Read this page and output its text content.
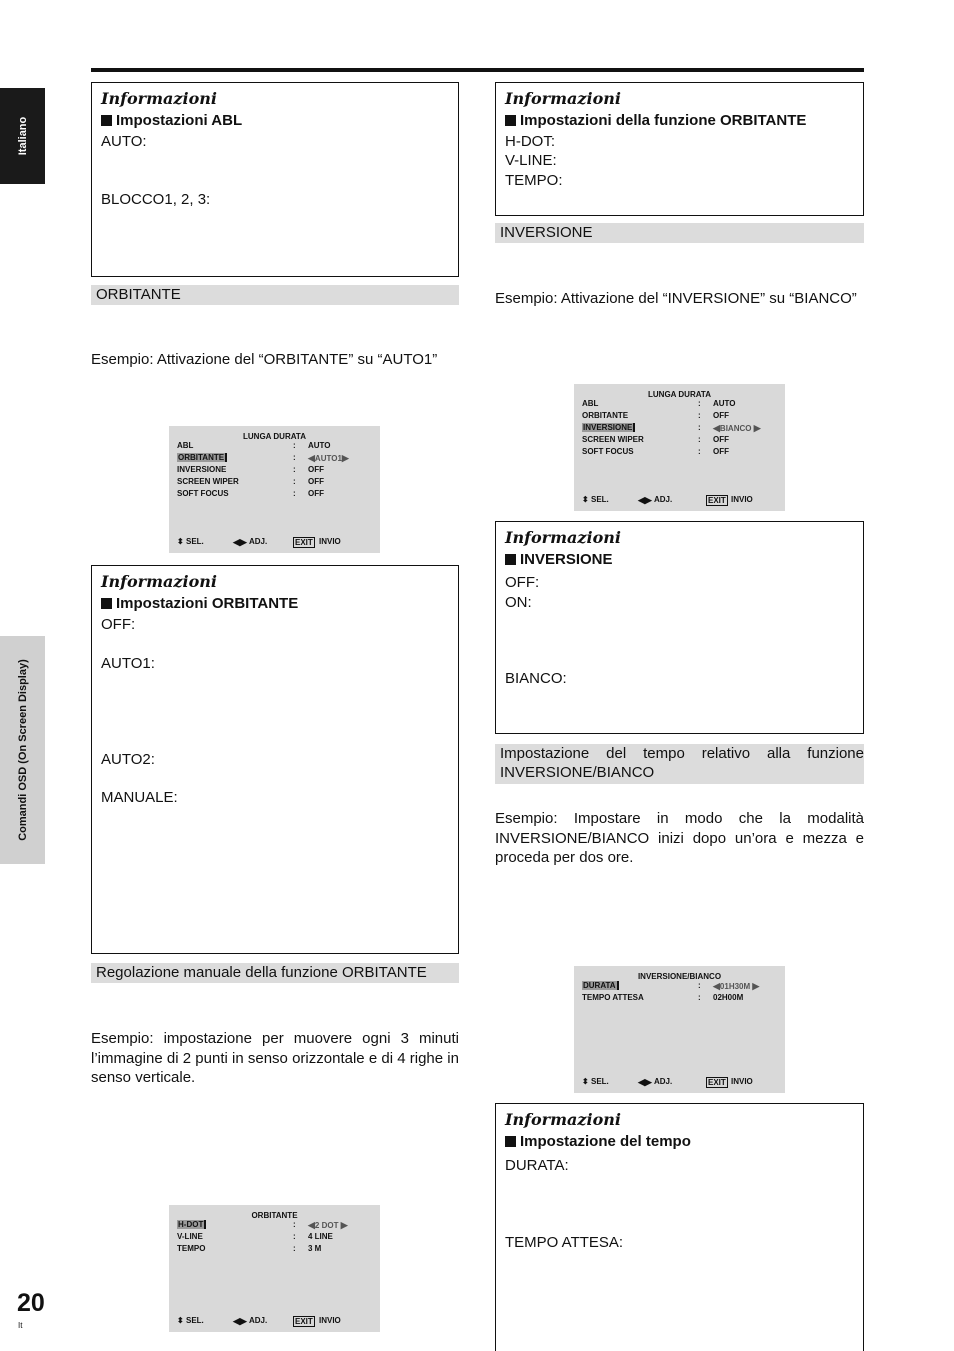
Italiano
Comandi OSD (On Screen Display)
Informazioni
Impostazioni ABL
AUTO:
BLOCCO1, 2, 3:
ORBITANTE
Esempio: Attivazione del “ORBITANTE” su “AUTO1”
LUNGA DURATA
ABL	: AUTO
ORBITANTE	: ◀AUTO1▶
INVERSIONE	: OFF
SCREEN WIPER	: OFF
SOFT FOCUS	: OFF
⬍ SEL.	◀▶ ADJ.	EXIT INVIO
Informazioni
Impostazioni ORBITANTE
OFF:
AUTO1:
AUTO2:
MANUALE:
Regolazione manuale della funzione ORBITANTE
Esempio: impostazione per muovere ogni 3 minuti l’immagine di 2 punti in senso orizzontale e di 4 righe in senso verticale.
ORBITANTE
H-DOT	: ◀2 DOT ▶
V-LINE	: 4 LINE
TEMPO	: 3 M
⬍ SEL.	◀▶ ADJ.	EXIT INVIO
Informazioni
Impostazioni della funzione ORBITANTE
H-DOT:
V-LINE:
TEMPO:
INVERSIONE
Esempio: Attivazione del “INVERSIONE” su “BIANCO”
LUNGA DURATA
ABL	: AUTO
ORBITANTE	: OFF
INVERSIONE	: ◀BIANCO ▶
SCREEN WIPER	: OFF
SOFT FOCUS	: OFF
⬍ SEL.	◀▶ ADJ.	EXIT INVIO
Informazioni
INVERSIONE
OFF:
ON:
BIANCO:
Impostazione del tempo relativo alla funzione INVERSIONE/BIANCO
Esempio: Impostare in modo che la modalità INVERSIONE/BIANCO inizi dopo un’ora e mezza e proceda per dos ore.
INVERSIONE/BIANCO
DURATA	: ◀01H30M ▶
TEMPO ATTESA	: 02H00M
⬍ SEL.	◀▶ ADJ.	EXIT INVIO
Informazioni
Impostazione del tempo
DURATA:
TEMPO ATTESA:
20
It
